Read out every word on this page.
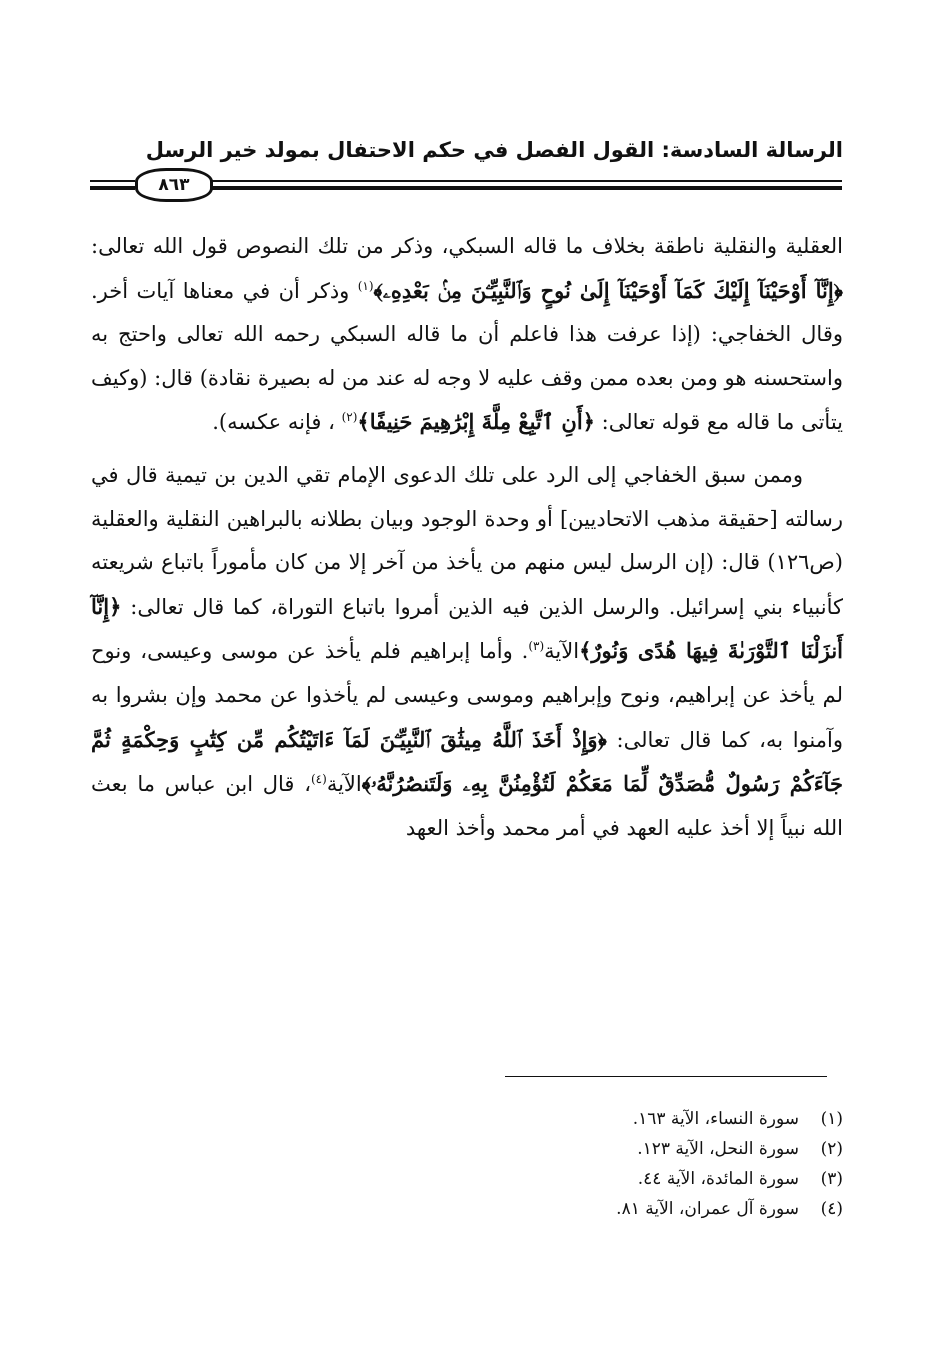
الرسالة السادسة: القول الفصل في حكم الاحتفال بمولد خير الرسل
٨٦٣

العقلية والنقلية ناطقة بخلاف ما قاله السبكي، وذكر من تلك النصوص قول الله تعالى: ﴿إِنَّآ أَوْحَيْنَآ إِلَيْكَ كَمَآ أَوْحَيْنَآ إِلَىٰ نُوحٍ وَٱلنَّبِيِّـۧنَ مِنۢ بَعْدِهِۦ﴾$^{(١)}$ وذكر أن في معناها آيات أخر. وقال الخفاجي: (إذا عرفت هذا فاعلم أن ما قاله السبكي رحمه الله تعالى واحتج به واستحسنه هو ومن بعده ممن وقف عليه لا وجه له عند من له بصيرة نقادة) قال: (وكيف يتأتى ما قاله مع قوله تعالى: ﴿أَنِ ٱتَّبِعْ مِلَّةَ إِبْرَٰهِيمَ حَنِيفًا﴾$^{(٢)}$ ، فإنه عكسه).

وممن سبق الخفاجي إلى الرد على تلك الدعوى الإمام تقي الدين بن تيمية قال في رسالته [حقيقة مذهب الاتحاديين] أو وحدة الوجود وبيان بطلانه بالبراهين النقلية والعقلية (ص١٢٦) قال: (إن الرسل ليس منهم من يأخذ من آخر إلا من كان مأموراً باتباع شريعته كأنبياء بني إسرائيل. والرسل الذين فيه الذين أمروا باتباع التوراة، كما قال تعالى: ﴿إِنَّآ أَنزَلْنَا ٱلتَّوْرَىٰةَ فِيهَا هُدًى وَنُورٌ﴾الآية$^{(٣)}$. وأما إبراهيم فلم يأخذ عن موسى وعيسى، ونوح لم يأخذ عن إبراهيم، ونوح وإبراهيم وموسى وعيسى لم يأخذوا عن محمد وإن بشروا به وآمنوا به، كما قال تعالى: ﴿وَإِذْ أَخَذَ ٱللَّهُ مِيثَٰقَ ٱلنَّبِيِّـۧنَ لَمَآ ءَاتَيْتُكُم مِّن كِتَٰبٍ وَحِكْمَةٍ ثُمَّ جَآءَكُمْ رَسُولٌ مُّصَدِّقٌ لِّمَا مَعَكُمْ لَتُؤْمِنُنَّ بِهِۦ وَلَتَنصُرُنَّهُۥ﴾الآية$^{(٤)}$، قال ابن عباس ما بعث الله نبياً إلا أخذ عليه العهد في أمر محمد وأخذ العهد

(١)سورة النساء، الآية ١٦٣.
(٢)سورة النحل، الآية ١٢٣.
(٣)سورة المائدة، الآية ٤٤.
(٤)سورة آل عمران، الآية ٨١.
